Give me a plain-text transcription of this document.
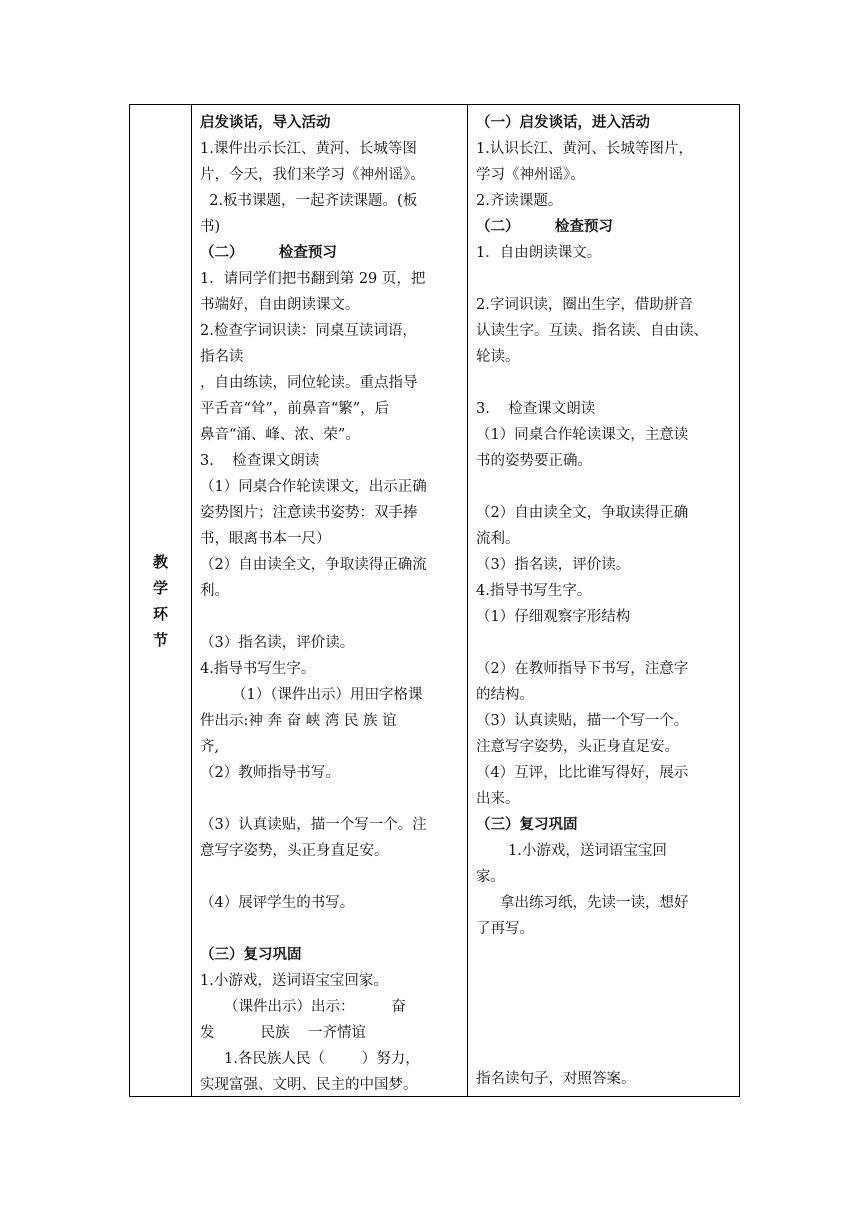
教
学
环
节
启发谈话，导入活动
1.课件出示长江、黄河、长城等图
片，今天，我们来学习《神州谣》。
2.板书课题，一起齐读课题。(板
书)
（二）       检查预习
1．请同学们把书翻到第 29 页，把
书端好，自由朗读课文。
2.检查字词识读：同桌互读词语，
指名读
，自由练读，同位轮读。重点指导
平舌音“耸”，前鼻音“繁”，后
鼻音“涌、峰、浓、荣”。
3.    检查课文朗读
（1）同桌合作轮读课文，出示正确
姿势图片；注意读书姿势：双手捧
书，眼离书本一尺）
（2）自由读全文，争取读得正确流
利。
（3）指名读，评价读。
4.指导书写生字。
（1）（课件出示）用田字格课
件出示:神 奔 奋 峡 湾 民 族 谊
齐,
（2）教师指导书写。
（3）认真读贴，描一个写一个。注
意写字姿势，头正身直足安。
（4）展评学生的书写。
（三）复习巩固
1.小游戏，送词语宝宝回家。
（课件出示）出示：        奋
发          民族    一齐情谊
1.各民族人民（        ）努力，
实现富强、文明、民主的中国梦。
（一）启发谈话，进入活动
1.认识长江、黄河、长城等图片，
学习《神州谣》。
2.齐读课题。
（二）       检查预习
1．自由朗读课文。
2.字词识读，圈出生字，借助拼音
认读生字。互读、指名读、自由读、
轮读。
3.    检查课文朗读
（1）同桌合作轮读课文，主意读
书的姿势要正确。
（2）自由读全文，争取读得正确
流利。
（3）指名读，评价读。
4.指导书写生字。
（1）仔细观察字形结构
（2）在教师指导下书写，注意字
的结构。
（3）认真读贴，描一个写一个。
注意写字姿势，头正身直足安。
（4）互评，比比谁写得好，展示
出来。
（三）复习巩固
1.小游戏，送词语宝宝回
家。
拿出练习纸，先读一读，想好
了再写。
指名读句子，对照答案。
